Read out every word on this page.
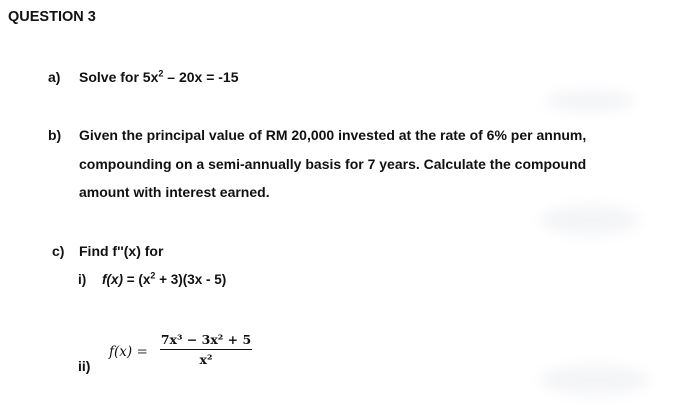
QUESTION 3
a) Solve for $5x^2 - 20x = -15$
b) Given the principal value of RM 20,000 invested at the rate of 6% per annum,
compounding on a semi-annually basis for 7 years. Calculate the compound
amount with interest earned.
c) Find f''(x) for
i) $f(x) = (x^2 + 3)(3x - 5)$
ii)
f(x) =
7x³ − 3x² + 5
x²
